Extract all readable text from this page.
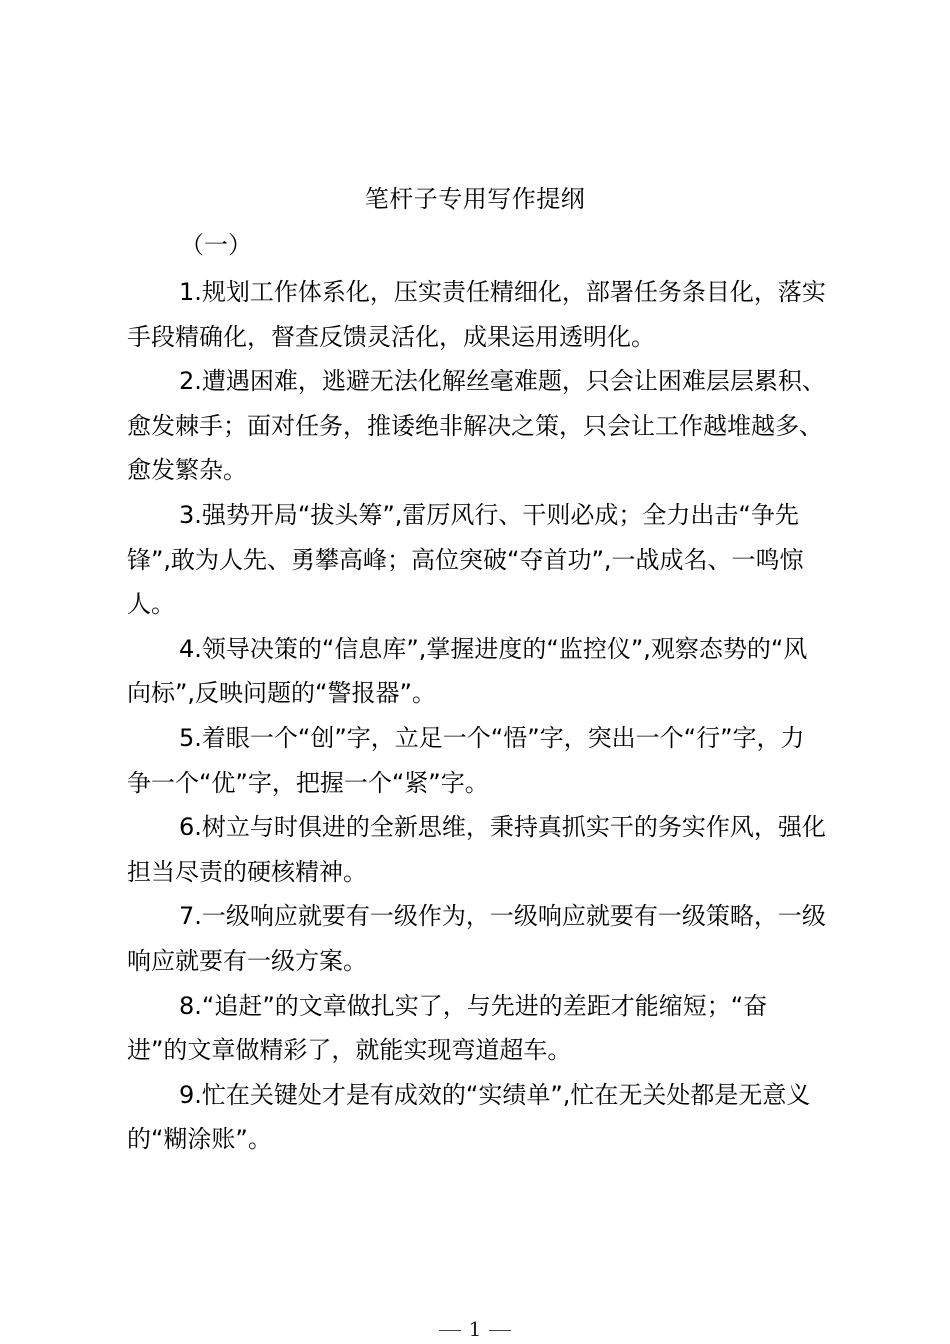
笔杆子专用写作提纲
（一）

1.规划工作体系化，压实责任精细化，部署任务条目化，落实手段精确化，督查反馈灵活化，成果运用透明化。

2.遭遇困难，逃避无法化解丝毫难题，只会让困难层层累积、愈发棘手；面对任务，推诿绝非解决之策，只会让工作越堆越多、愈发繁杂。

3.强势开局“拔头筹”,雷厉风行、干则必成；全力出击“争先锋”,敢为人先、勇攀高峰；高位突破“夺首功”,一战成名、一鸣惊人。

4.领导决策的“信息库”,掌握进度的“监控仪”,观察态势的“风向标”,反映问题的“警报器”。

5.着眼一个“创”字，立足一个“悟”字，突出一个“行”字，力争一个“优”字，把握一个“紧”字。

6.树立与时俱进的全新思维，秉持真抓实干的务实作风，强化担当尽责的硬核精神。

7.一级响应就要有一级作为，一级响应就要有一级策略，一级响应就要有一级方案。

8.“追赶”的文章做扎实了，与先进的差距才能缩短；“奋进”的文章做精彩了，就能实现弯道超车。

9.忙在关键处才是有成效的“实绩单”,忙在无关处都是无意义的“糊涂账”。

1
